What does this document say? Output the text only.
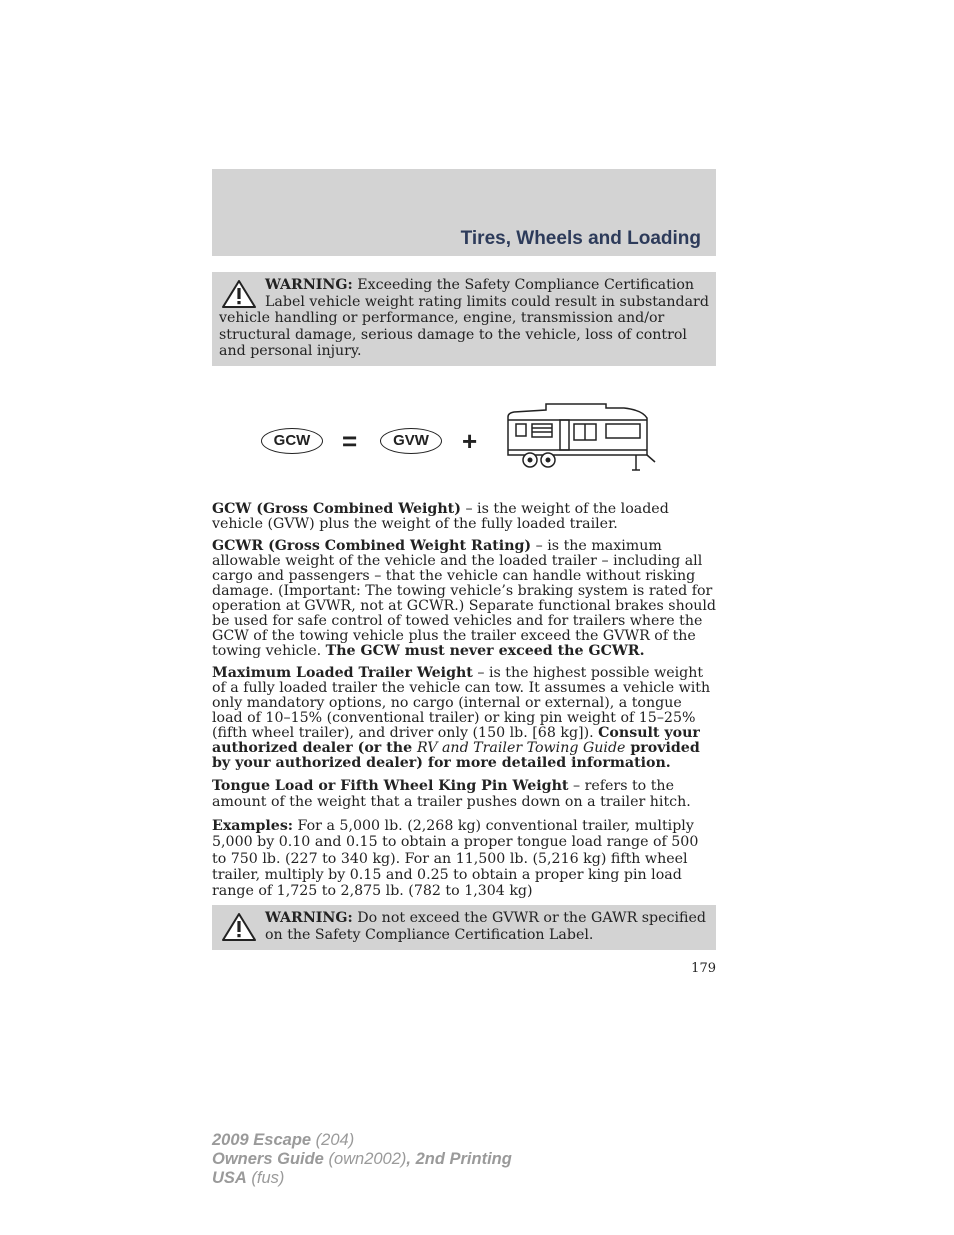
Tires, Wheels and Loading
WARNING: Exceeding the Safety Compliance Certification Label vehicle weight rating limits could result in substandard vehicle handling or performance, engine, transmission and/or structural damage, serious damage to the vehicle, loss of control and personal injury.
GCW	=	GVW	+

GCW (Gross Combined Weight) – is the weight of the loaded vehicle (GVW) plus the weight of the fully loaded trailer.

GCWR (Gross Combined Weight Rating) – is the maximum allowable weight of the vehicle and the loaded trailer – including all cargo and passengers – that the vehicle can handle without risking damage. (Important: The towing vehicle’s braking system is rated for operation at GVWR, not at GCWR.) Separate functional brakes should be used for safe control of towed vehicles and for trailers where the GCW of the towing vehicle plus the trailer exceed the GVWR of the towing vehicle. The GCW must never exceed the GCWR.

Maximum Loaded Trailer Weight – is the highest possible weight of a fully loaded trailer the vehicle can tow. It assumes a vehicle with only mandatory options, no cargo (internal or external), a tongue load of 10–15% (conventional trailer) or king pin weight of 15–25% (fifth wheel trailer), and driver only (150 lb. [68 kg]). Consult your authorized dealer (or the RV and Trailer Towing Guide provided by your authorized dealer) for more detailed information.

Tongue Load or Fifth Wheel King Pin Weight – refers to the amount of the weight that a trailer pushes down on a trailer hitch.

Examples: For a 5,000 lb. (2,268 kg) conventional trailer, multiply 5,000 by 0.10 and 0.15 to obtain a proper tongue load range of 500 to 750 lb. (227 to 340 kg). For an 11,500 lb. (5,216 kg) fifth wheel trailer, multiply by 0.15 and 0.25 to obtain a proper king pin load range of 1,725 to 2,875 lb. (782 to 1,304 kg)

WARNING: Do not exceed the GVWR or the GAWR specified on the Safety Compliance Certification Label.
179
2009 Escape (204)
Owners Guide (own2002), 2nd Printing
USA (fus)
